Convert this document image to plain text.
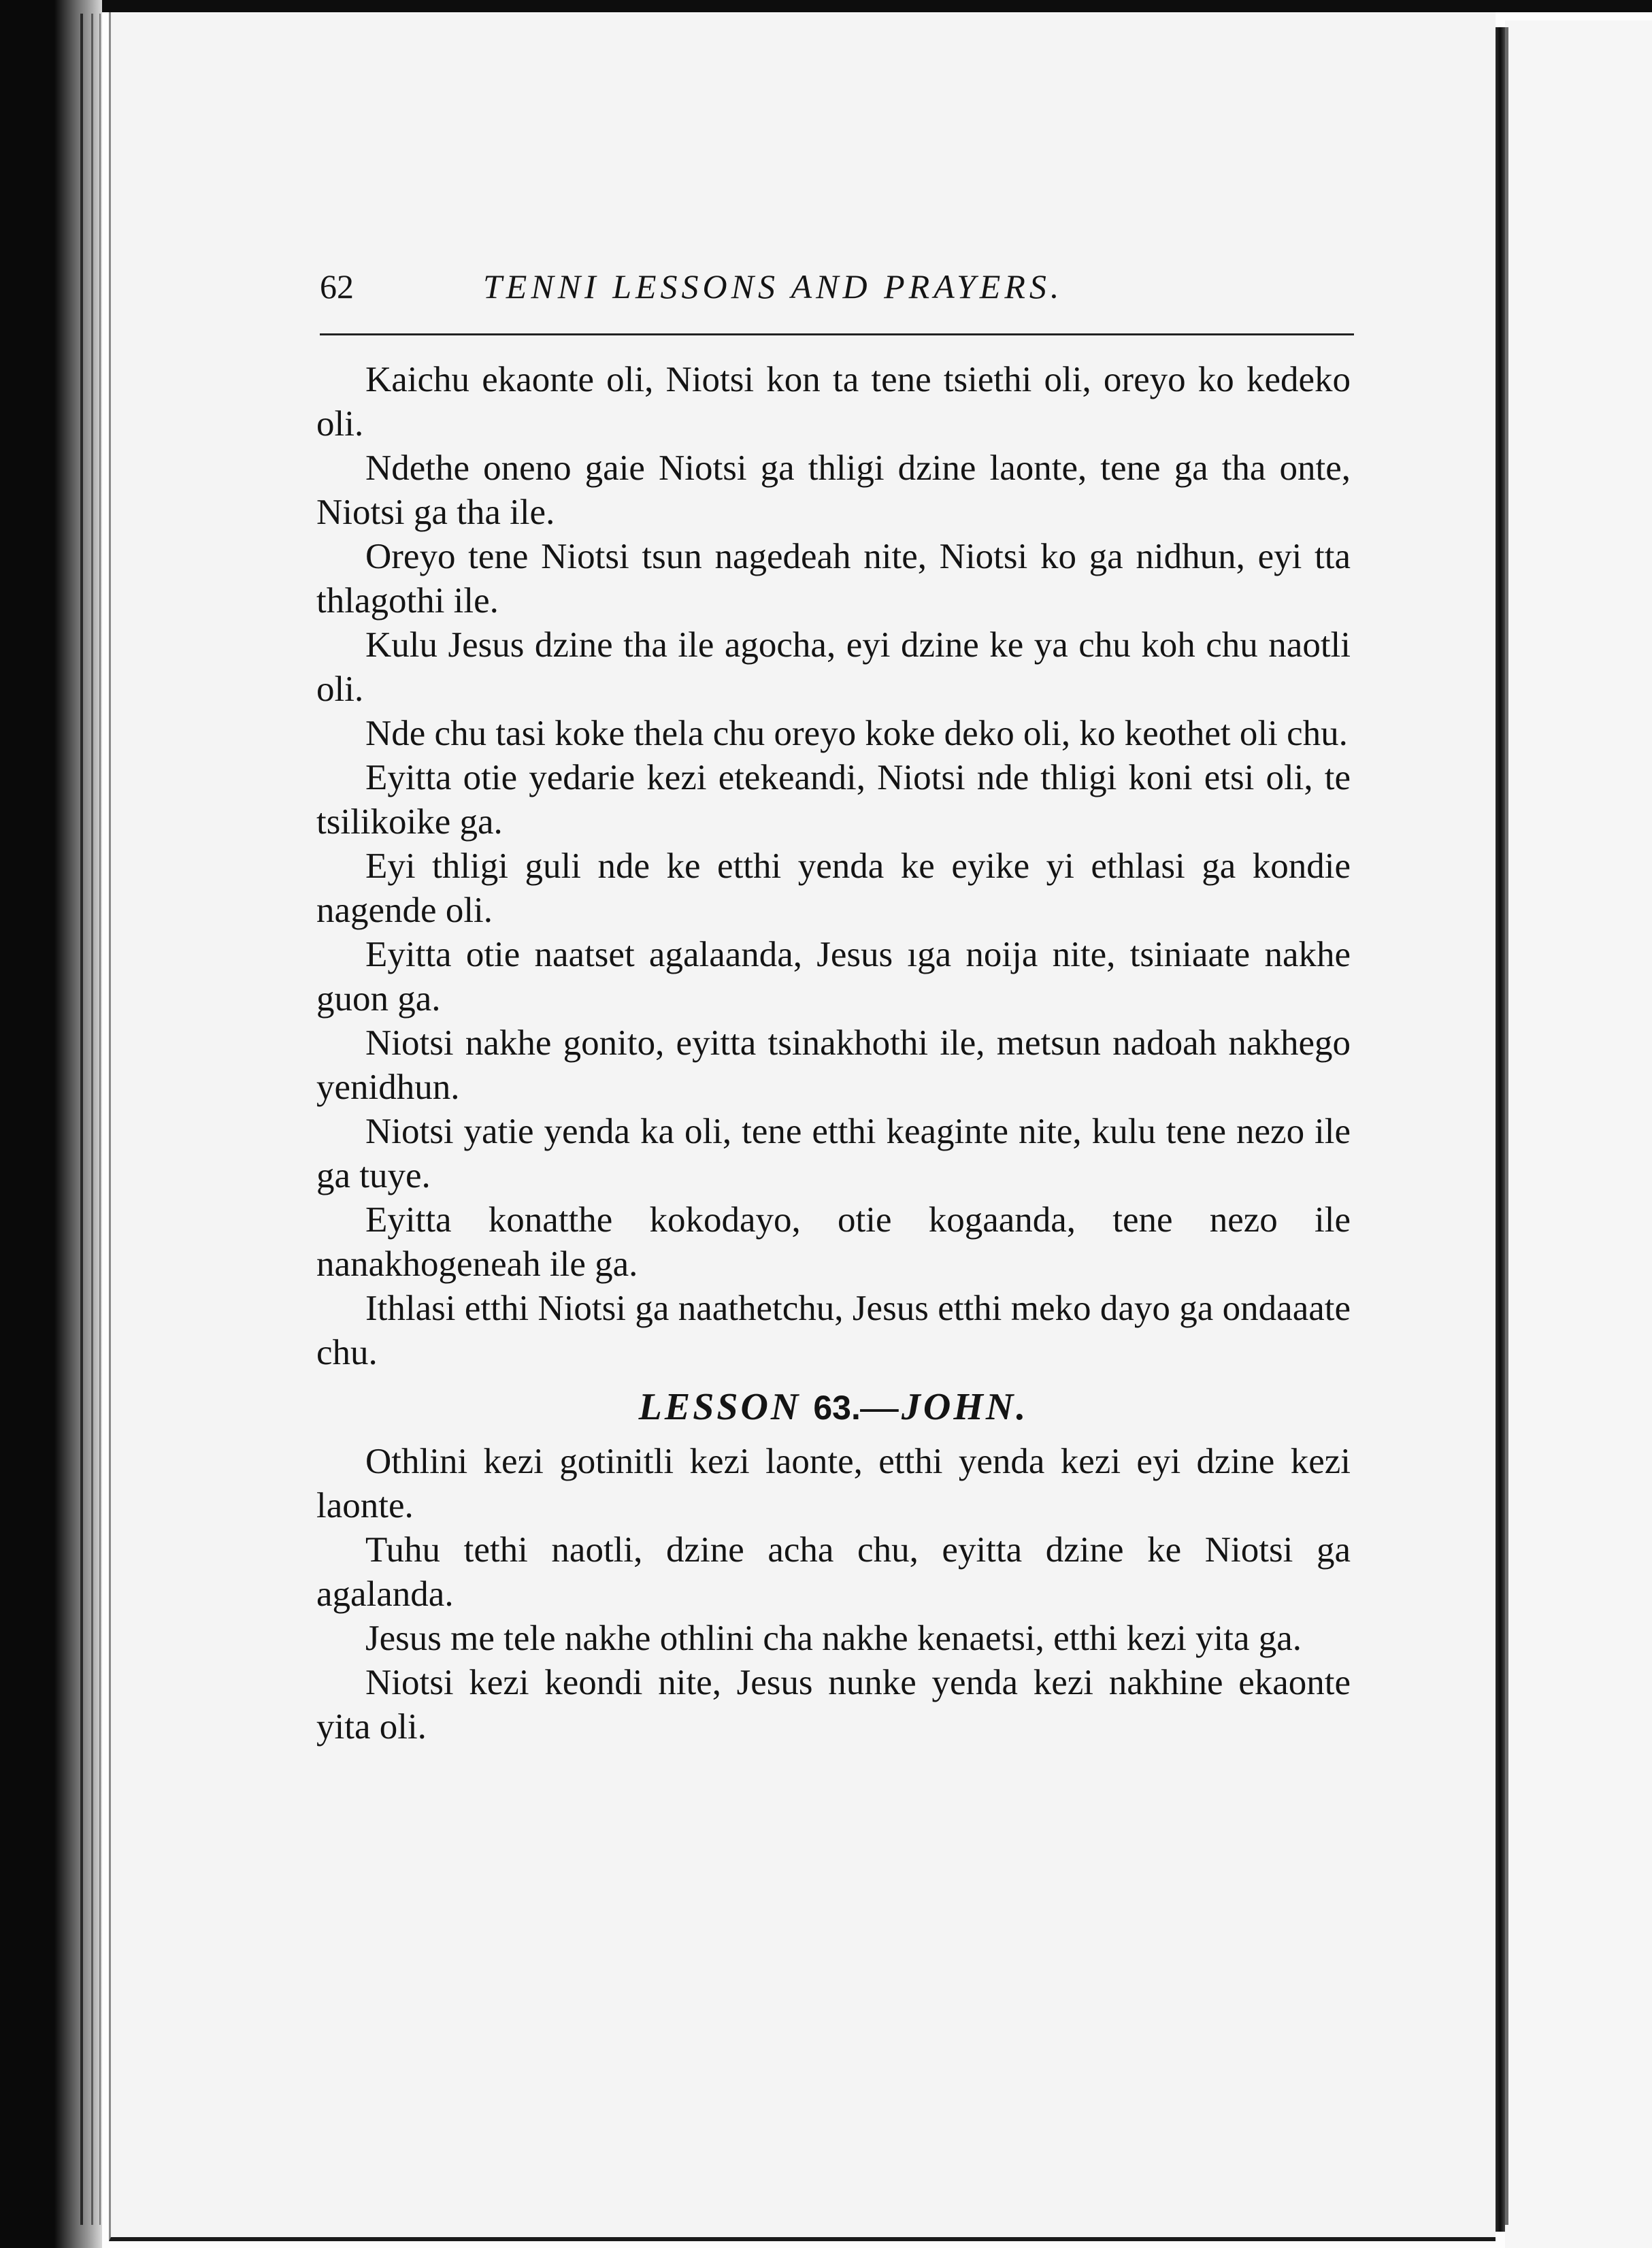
62	TENNI LESSONS AND PRAYERS.

Kaichu ekaonte oli, Niotsi kon ta tene tsiethi oli, oreyo ko kedeko oli.

Ndethe oneno gaie Niotsi ga thligi dzine laonte, tene ga tha onte, Niotsi ga tha ile.

Oreyo tene Niotsi tsun nagedeah nite, Niotsi ko ga nidhun, eyi tta thlagothi ile.

Kulu Jesus dzine tha ile agocha, eyi dzine ke ya chu koh chu naotli oli.

Nde chu tasi koke thela chu oreyo koke deko oli, ko keothet oli chu.

Eyitta otie yedarie kezi etekeandi, Niotsi nde thligi koni etsi oli, te tsilikoike ga.

Eyi thligi guli nde ke etthi yenda ke eyike yi ethlasi ga kondie nagende oli.

Eyitta otie naatset agalaanda, Jesus ıga noija nite, tsiniaate nakhe guon ga.

Niotsi nakhe gonito, eyitta tsinakhothi ile, metsun nadoah nakhego yenidhun.

Niotsi yatie yenda ka oli, tene etthi keaginte nite, kulu tene nezo ile ga tuye.

Eyitta konatthe kokodayo, otie kogaanda, tene nezo ile nanakhogeneah ile ga.

Ithlasi etthi Niotsi ga naathetchu, Jesus etthi meko dayo ga ondaaate chu.

LESSON 63.—JOHN.

Othlini kezi gotinitli kezi laonte, etthi yenda kezi eyi dzine kezi laonte.

Tuhu tethi naotli, dzine acha chu, eyitta dzine ke Niotsi ga agalanda.

Jesus me tele nakhe othlini cha nakhe kenaetsi, etthi kezi yita ga.

Niotsi kezi keondi nite, Jesus nunke yenda kezi nakhine ekaonte yita oli.
